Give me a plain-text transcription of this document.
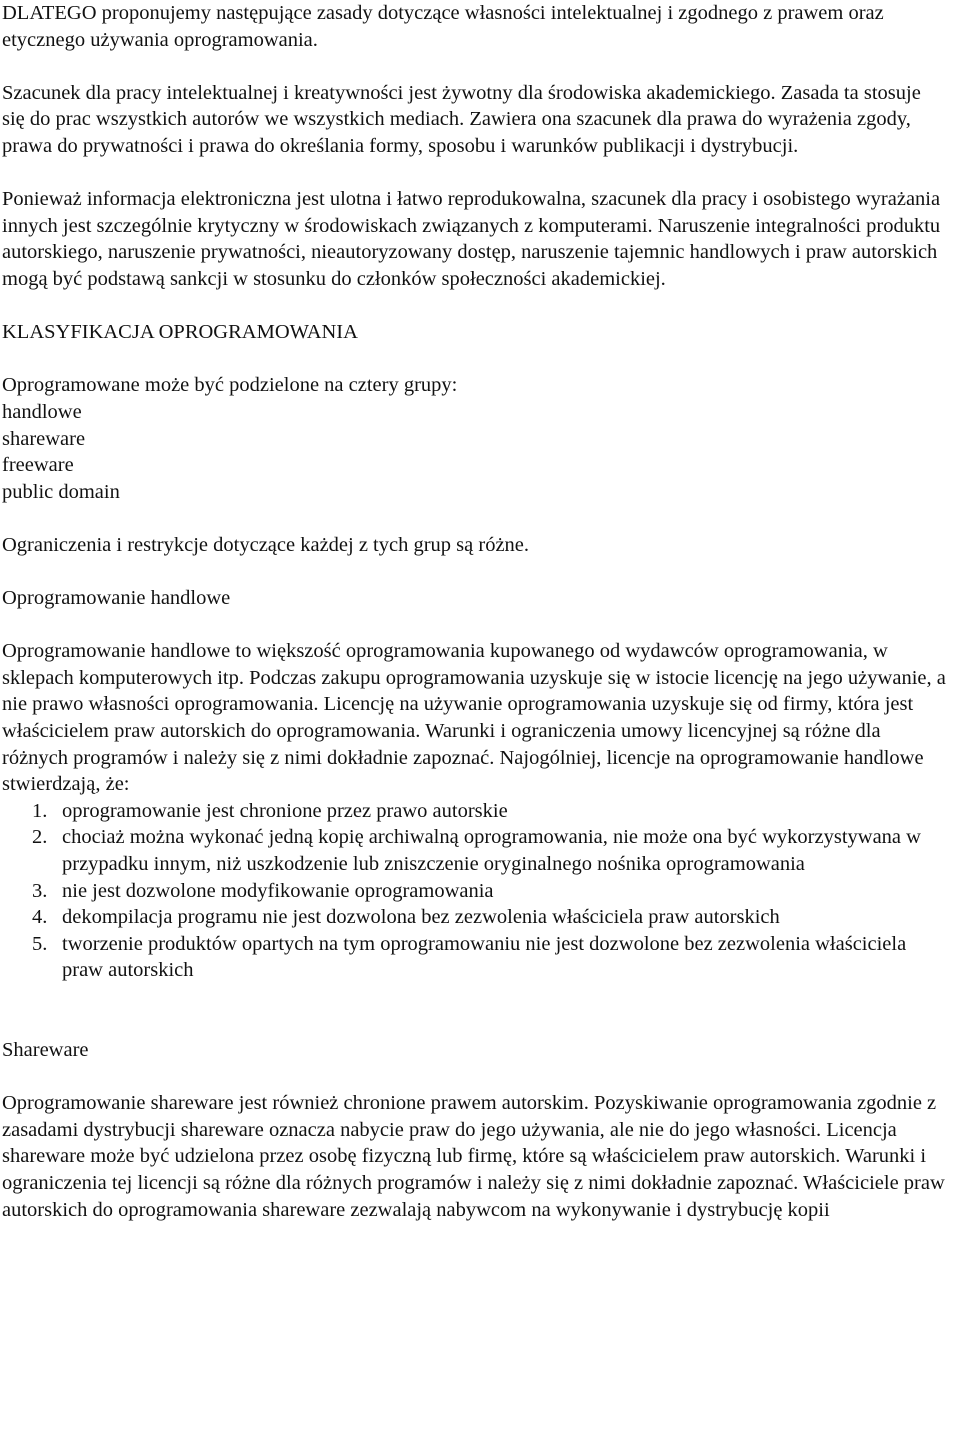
DLATEGO proponujemy następujące zasady dotyczące własności intelektualnej i zgodnego z prawem oraz etycznego używania oprogramowania.

Szacunek dla pracy intelektualnej i kreatywności jest żywotny dla środowiska akademickiego. Zasada ta stosuje się do prac wszystkich autorów we wszystkich mediach. Zawiera ona szacunek dla prawa do wyrażenia zgody, prawa do prywatności i prawa do określania formy, sposobu i warunków publikacji i dystrybucji.

Ponieważ informacja elektroniczna jest ulotna i łatwo reprodukowalna, szacunek dla pracy i osobistego wyrażania innych jest szczególnie krytyczny w środowiskach związanych z komputerami. Naruszenie integralności produktu autorskiego, naruszenie prywatności, nieautoryzowany dostęp, naruszenie tajemnic handlowych i praw autorskich mogą być podstawą sankcji w stosunku do członków społeczności akademickiej.

KLASYFIKACJA OPROGRAMOWANIA

Oprogramowane może być podzielone na cztery grupy:

handlowe
shareware
freeware
public domain

Ograniczenia i restrykcje dotyczące każdej z tych grup są różne.

Oprogramowanie handlowe

Oprogramowanie handlowe to większość oprogramowania kupowanego od wydawców oprogramowania, w sklepach komputerowych itp. Podczas zakupu oprogramowania uzyskuje się w istocie licencję na jego używanie, a nie prawo własności oprogramowania. Licencję na używanie oprogramowania uzyskuje się od firmy, która jest właścicielem praw autorskich do oprogramowania. Warunki i ograniczenia umowy licencyjnej są różne dla różnych programów i należy się z nimi dokładnie zapoznać. Najogólniej, licencje na oprogramowanie handlowe stwierdzają, że:

1. oprogramowanie jest chronione przez prawo autorskie
2. chociaż można wykonać jedną kopię archiwalną oprogramowania, nie może ona być wykorzystywana w przypadku innym, niż uszkodzenie lub zniszczenie oryginalnego nośnika oprogramowania
3. nie jest dozwolone modyfikowanie oprogramowania
4. dekompilacja programu nie jest dozwolona bez zezwolenia właściciela praw autorskich
5. tworzenie produktów opartych na tym oprogramowaniu nie jest dozwolone bez zezwolenia właściciela praw autorskich

Shareware

Oprogramowanie shareware jest również chronione prawem autorskim. Pozyskiwanie oprogramowania zgodnie z zasadami dystrybucji shareware oznacza nabycie praw do jego używania, ale nie do jego własności. Licencja shareware może być udzielona przez osobę fizyczną lub firmę, które są właścicielem praw autorskich. Warunki i ograniczenia tej licencji są różne dla różnych programów i należy się z nimi dokładnie zapoznać. Właściciele praw autorskich do oprogramowania shareware zezwalają nabywcom na wykonywanie i dystrybucję kopii
